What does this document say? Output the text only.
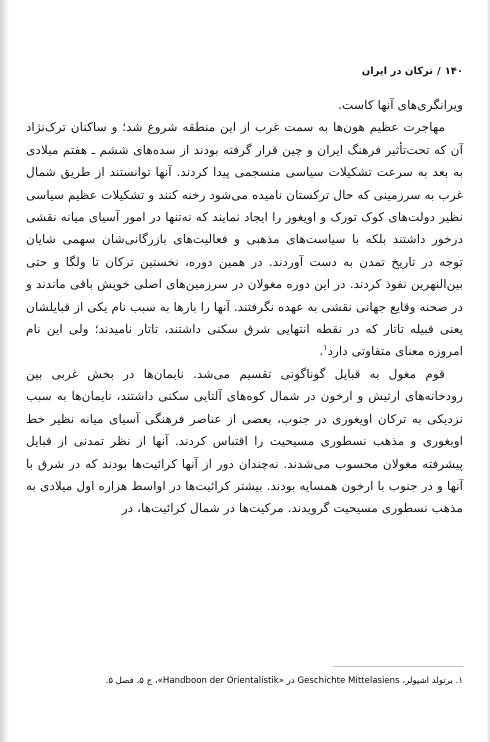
۱۴۰/ترکان در ایران

ویرانگری‌های آنها کاست.

مهاجرت عظیم هون‌ها به سمت غرب از این منطقه شروع شد؛ و ساکنان ترک‌نژاد آن که تحت‌تأثیر فرهنگ ایران و چین قرار گرفته بودند از سده‌های ششم ـ هفتم میلادی به بعد به سرعت تشکیلات سیاسی منسجمی پیدا کردند. آنها توانستند از طریق شمال غرب به سرزمینی که حال ترکستان نامیده می‌شود رخنه کنند و تشکیلات عظیم سیاسی نظیر دولت‌های کوک تورک و اویغور را ایجاد نمایند که نه‌تنها در امور آسیای میانه نقشی درخور داشتند بلکه با سیاست‌های مذهبی و فعالیت‌های بازرگانی‌شان سهمی شایان توجه در تاریخ تمدن به دست آوردند. در همین دوره، نخستین ترکان تا ولگا و حتی بین‌النهرین نفوذ کردند. در این دوره مغولان در سرزمین‌های اصلی خویش باقی ماندند و در صحنه وقایع جهانی نقشی به عهده نگرفتند. آنها را بارها به سبب نام یکی از قبایلشان یعنی قبیله تاتار که در نقطه انتهایی شرق سکنی داشتند، تاتار نامیدند؛ ولی این نام امروزه معنای متفاوتی دارد$^۱$.

قوم مغول به قبایل گوناگونی تقسیم می‌شد. نایمان‌ها در بخش غربی بین رودخانه‌های ارتیش و ارخون در شمال کوه‌های آلتایی سکنی داشتند، نایمان‌ها به سبب نزدیکی به ترکان اویغوری در جنوب، بعضی از عناصر فرهنگی آسیای میانه نظیر خط اویغوری و مذهب نسطوری مسیحیت را اقتباس کردند. آنها از نظر تمدنی از قبایل پیشرفته مغولان محسوب می‌شدند. نه‌چندان دور از آنها کرائیت‌ها بودند که در شرق با آنها و در جنوب با ارخون همسایه بودند. بیشتر کرائیت‌ها در اواسط هزاره اول میلادی به مذهب نسطوری مسیحیت گرویدند. مرکیت‌ها در شمال کرائیت‌ها، در

۱. برتولد اشپولر، Geschichte Mittelasiens در «Handboon der Orientalistik»، ج ۵، فصل ۵.
